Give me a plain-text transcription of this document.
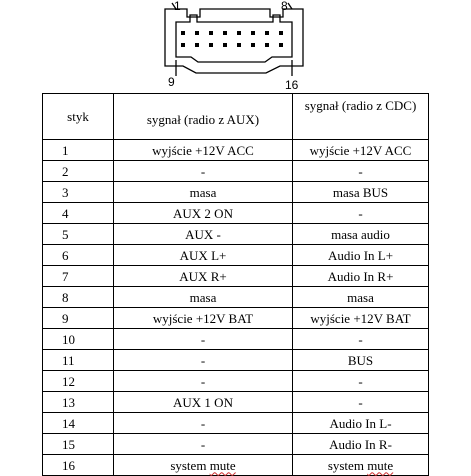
1	8
9	16
styk	sygnał (radio z AUX)	sygnał (radio z CDC)
1	wyjście +12V ACC	wyjście +12V ACC
2	-	-
3	masa	masa BUS
4	AUX 2 ON	-
5	AUX -	masa audio
6	AUX L+	Audio In L+
7	AUX R+	Audio In R+
8	masa	masa
9	wyjście +12V BAT	wyjście +12V BAT
10	-	-
11	-	BUS
12	-	-
13	AUX 1 ON	-
14	-	Audio In L-
15	-	Audio In R-
16	system mute	system mute
